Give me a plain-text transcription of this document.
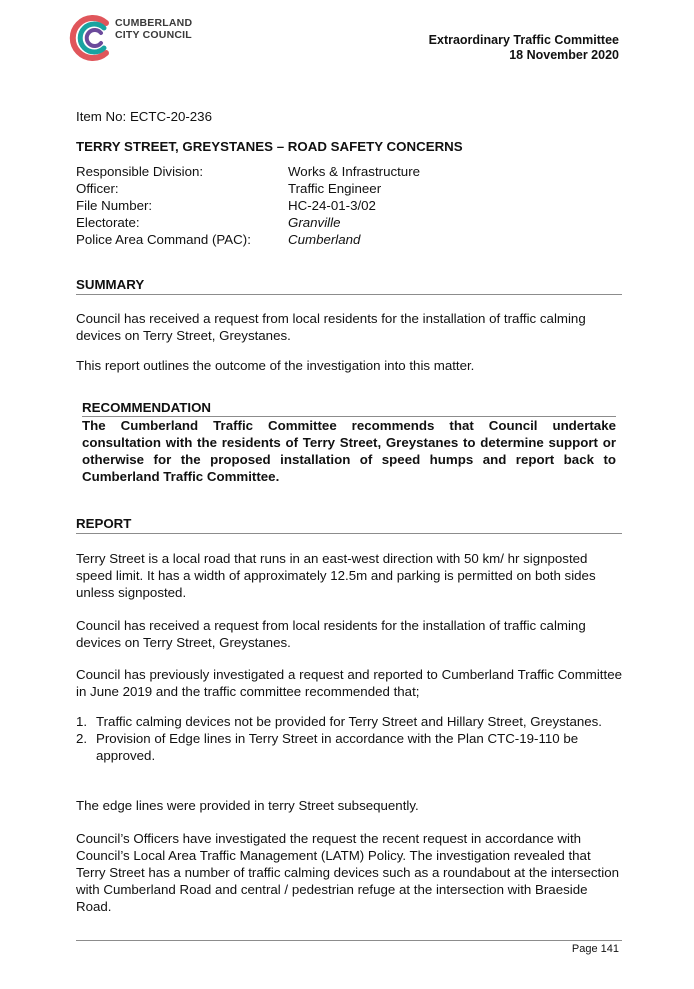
CUMBERLAND
CITY COUNCIL	Extraordinary Traffic Committee
18 November 2020
Item No: ECTC-20-236
TERRY STREET, GREYSTANES – ROAD SAFETY CONCERNS
Responsible Division:	Works & Infrastructure
Officer:	Traffic Engineer
File Number:	HC-24-01-3/02
Electorate:	Granville
Police Area Command (PAC):	Cumberland
SUMMARY

Council has received a request from local residents for the installation of traffic calming devices on Terry Street, Greystanes.

This report outlines the outcome of the investigation into this matter.

RECOMMENDATION

The Cumberland Traffic Committee recommends that Council undertake consultation with the residents of Terry Street, Greystanes to determine support or otherwise for the proposed installation of speed humps and report back to Cumberland Traffic Committee.

REPORT

Terry Street is a local road that runs in an east-west direction with 50 km/ hr signposted speed limit. It has a width of approximately 12.5m and parking is permitted on both sides unless signposted.

Council has received a request from local residents for the installation of traffic calming devices on Terry Street, Greystanes.

Council has previously investigated a request and reported to Cumberland Traffic Committee in June 2019 and the traffic committee recommended that;

1. Traffic calming devices not be provided for Terry Street and Hillary Street, Greystanes.
2. Provision of Edge lines in Terry Street in accordance with the Plan CTC-19-110 be approved.

The edge lines were provided in terry Street subsequently.

Council’s Officers have investigated the request the recent request in accordance with Council’s Local Area Traffic Management (LATM) Policy. The investigation revealed that Terry Street has a number of traffic calming devices such as a roundabout at the intersection with Cumberland Road and central / pedestrian refuge at the intersection with Braeside Road.

Page 141
